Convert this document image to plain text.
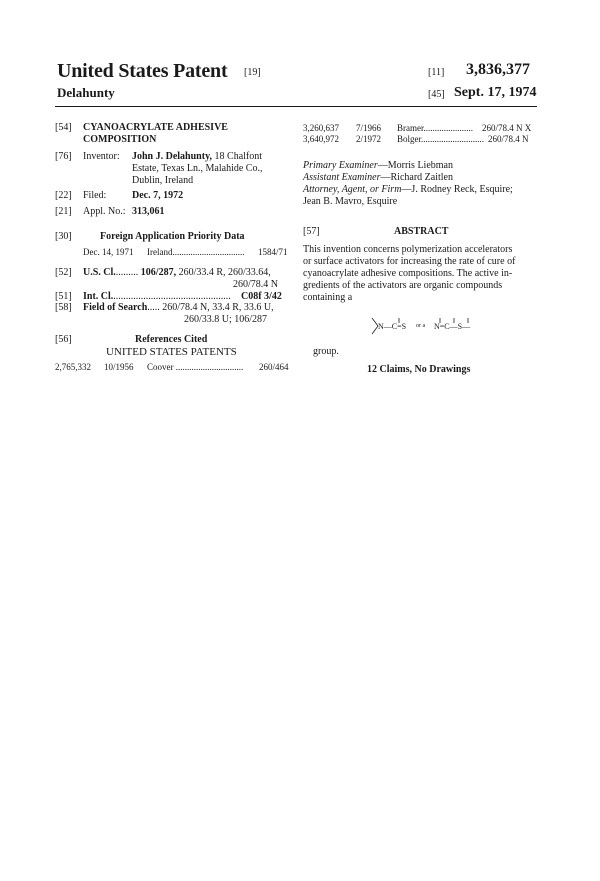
United States Patent [19]
Delahunty
[11] 3,836,377
[45] Sept. 17, 1974
[54] CYANOACRYLATE ADHESIVE
COMPOSITION
[76] Inventor: John J. Delahunty, 18 Chalfont
Estate, Texas Ln., Malahide Co.,
Dublin, Ireland
[22] Filed:	Dec. 7, 1972
[21] Appl. No.: 313,061
[30]	Foreign Application Priority Data
Dec. 14, 1971 Ireland................................ 1584/71
[52] U.S. Cl.......... 106/287, 260/33.4 R, 260/33.64,
260/78.4 N
[51] Int. Cl................................................ C08f 3/42
[58] Field of Search..... 260/78.4 N, 33.4 R, 33.6 U,
260/33.8 U; 106/287
[56]	References Cited
UNITED STATES PATENTS
2,765,332 10/1956 Coover .............................. 260/464
3,260,637 7/1966 Bramer...................... 260/78.4 N X
3,640,972 2/1972 Bolger............................ 260/78.4 N
Primary Examiner—Morris Liebman
Assistant Examiner—Richard Zaitlen
Attorney, Agent, or Firm—J. Rodney Reck, Esquire;
Jean B. Mavro, Esquire
[57]	ABSTRACT
This invention concerns polymerization accelerators
or surface activators for increasing the rate of cure of
cyanoacrylate adhesive compositions. The active in-
gredients of the activators are organic compounds
containing a
N—C=S or a N=C—S—
group.
12 Claims, No Drawings
